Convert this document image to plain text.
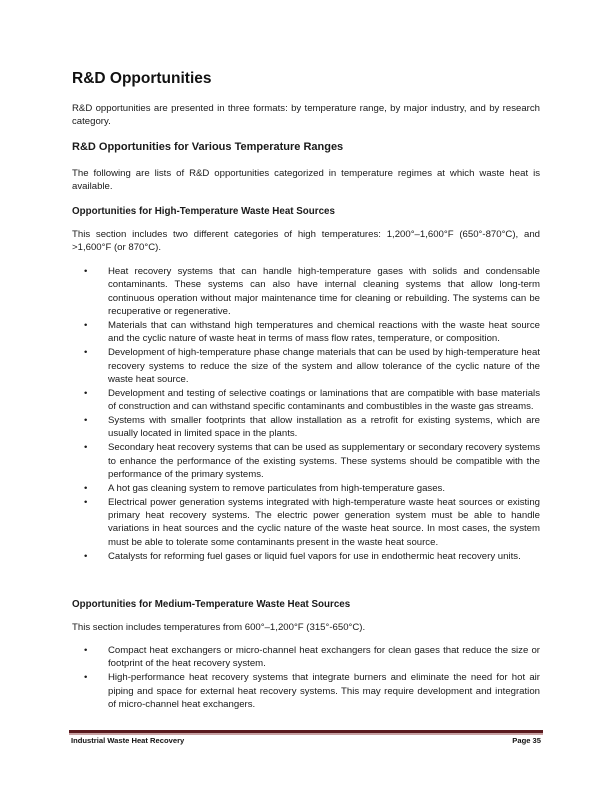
R&D Opportunities

R&D opportunities are presented in three formats: by temperature range, by major industry, and by research category.

R&D Opportunities for Various Temperature Ranges

The following are lists of R&D opportunities categorized in temperature regimes at which waste heat is available.

Opportunities for High-Temperature Waste Heat Sources

This section includes two different categories of high temperatures: 1,200°–1,600°F (650°-870°C), and >1,600°F (or 870°C).

• Heat recovery systems that can handle high-temperature gases with solids and condensable contaminants. These systems can also have internal cleaning systems that allow long-term continuous operation without major maintenance time for cleaning or rebuilding. The systems can be recuperative or regenerative.
• Materials that can withstand high temperatures and chemical reactions with the waste heat source and the cyclic nature of waste heat in terms of mass flow rates, temperature, or composition.
• Development of high-temperature phase change materials that can be used by high-temperature heat recovery systems to reduce the size of the system and allow tolerance of the cyclic nature of the waste heat source.
• Development and testing of selective coatings or laminations that are compatible with base materials of construction and can withstand specific contaminants and combustibles in the waste gas streams.
• Systems with smaller footprints that allow installation as a retrofit for existing systems, which are usually located in limited space in the plants.
• Secondary heat recovery systems that can be used as supplementary or secondary recovery systems to enhance the performance of the existing systems. These systems should be compatible with the performance of the primary systems.
• A hot gas cleaning system to remove particulates from high-temperature gases.
• Electrical power generation systems integrated with high-temperature waste heat sources or existing primary heat recovery systems. The electric power generation system must be able to handle variations in heat sources and the cyclic nature of the waste heat source. In most cases, the system must be able to tolerate some contaminants present in the waste heat source.
• Catalysts for reforming fuel gases or liquid fuel vapors for use in endothermic heat recovery units.
Opportunities for Medium-Temperature Waste Heat Sources

This section includes temperatures from 600°–1,200°F (315°-650°C).

• Compact heat exchangers or micro-channel heat exchangers for clean gases that reduce the size or footprint of the heat recovery system.
• High-performance heat recovery systems that integrate burners and eliminate the need for hot air piping and space for external heat recovery systems. This may require development and integration of micro-channel heat exchangers.
Industrial Waste Heat Recovery	Page 35
